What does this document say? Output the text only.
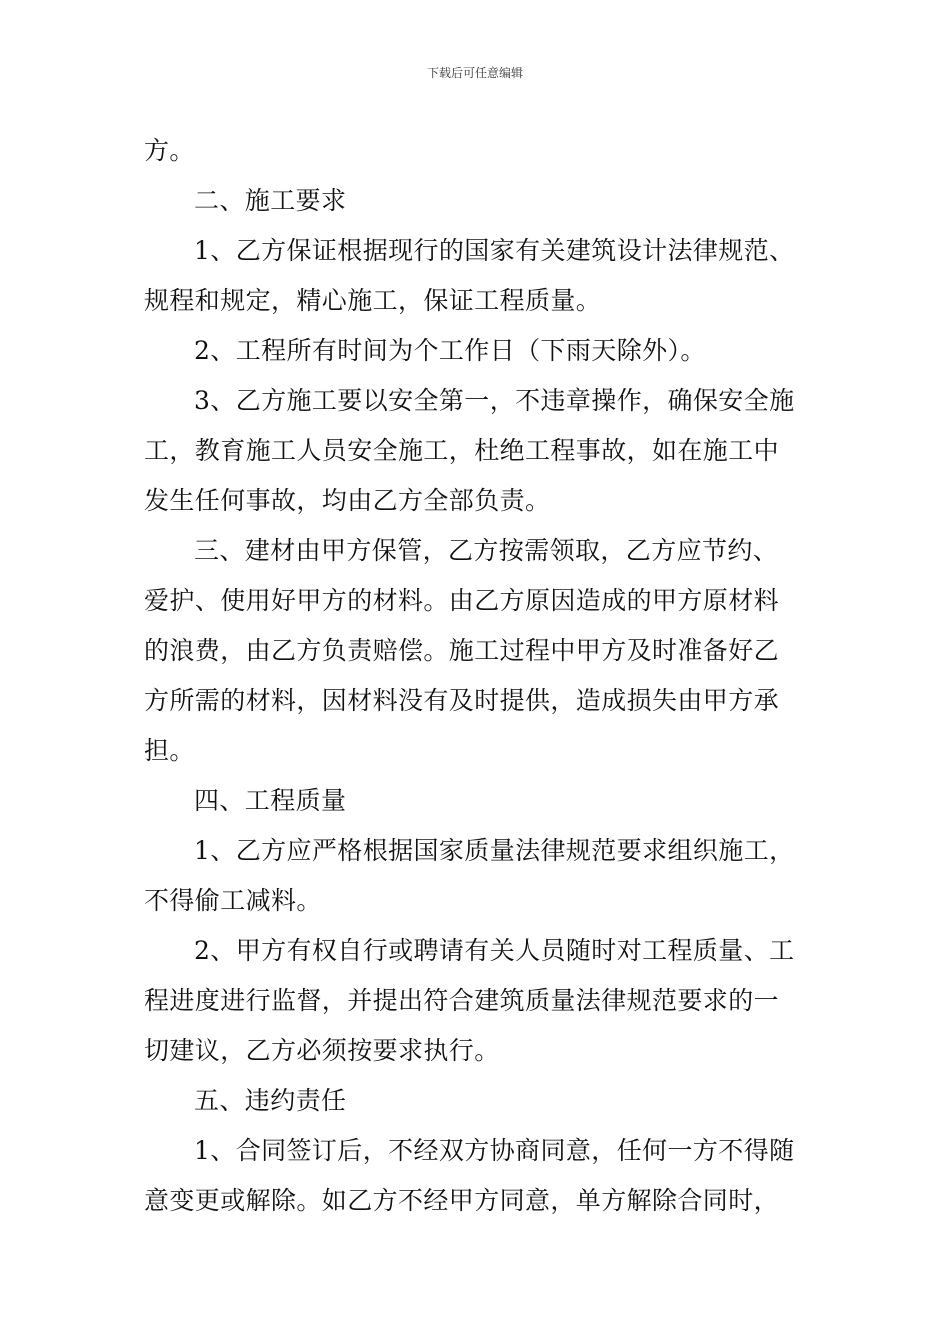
下载后可任意编辑
方。
二、施工要求
1、乙方保证根据现行的国家有关建筑设计法律规范、
规程和规定，精心施工，保证工程质量。
2、工程所有时间为个工作日（下雨天除外）。
3、乙方施工要以安全第一，不违章操作，确保安全施
工，教育施工人员安全施工，杜绝工程事故，如在施工中
发生任何事故，均由乙方全部负责。
三、建材由甲方保管，乙方按需领取，乙方应节约、
爱护、使用好甲方的材料。由乙方原因造成的甲方原材料
的浪费，由乙方负责赔偿。施工过程中甲方及时准备好乙
方所需的材料，因材料没有及时提供，造成损失由甲方承
担。
四、工程质量
1、乙方应严格根据国家质量法律规范要求组织施工，
不得偷工减料。
2、甲方有权自行或聘请有关人员随时对工程质量、工
程进度进行监督，并提出符合建筑质量法律规范要求的一
切建议，乙方必须按要求执行。
五、违约责任
1、合同签订后，不经双方协商同意，任何一方不得随
意变更或解除。如乙方不经甲方同意，单方解除合同时，
